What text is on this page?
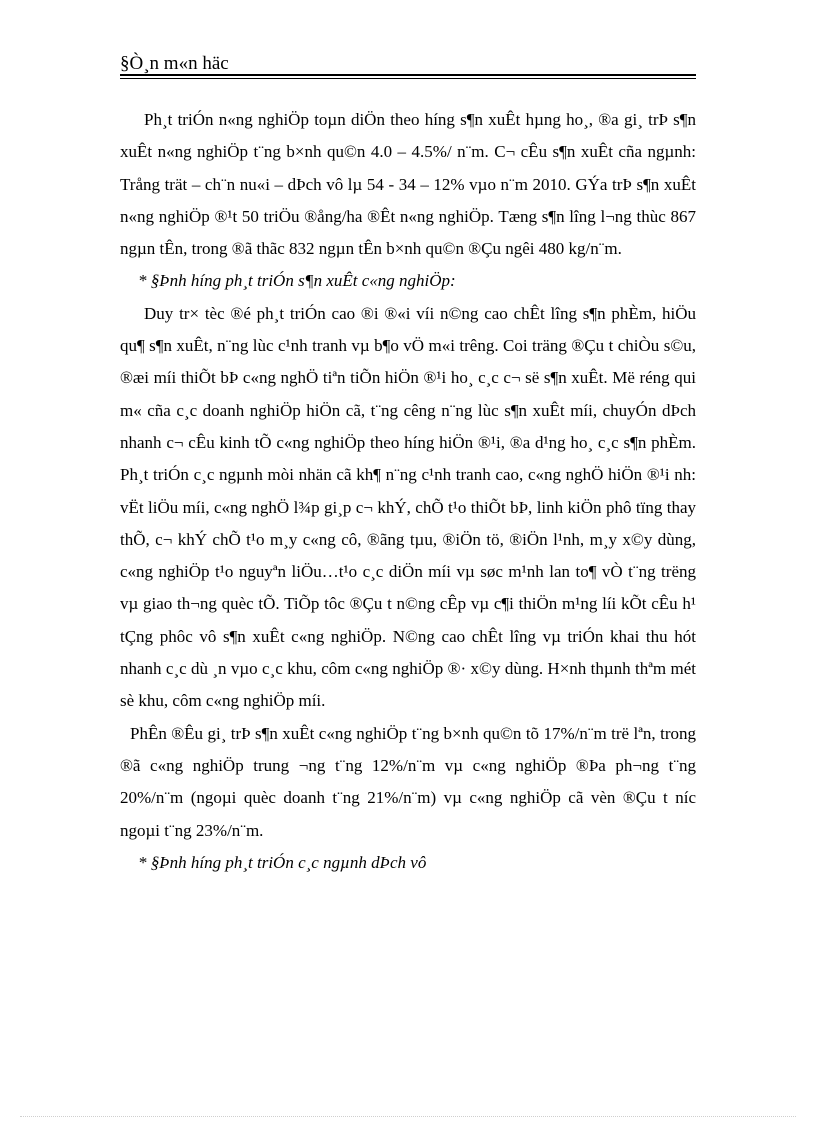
§Ò¸n m«n häc

Ph¸t triÓn n«ng nghiÖp toµn diÖn theo híng s¶n xuÊt hµng ho¸, ®a gi¸ trÞ s¶n xuÊt n«ng nghiÖp t¨ng b×nh qu©n 4.0 – 4.5%/ n¨m. C¬ cÊu s¶n xuÊt cña ngµnh: Trång trät – ch¨n nu«i – dÞch vô lµ 54 - 34 – 12% vµo n¨m 2010. GÝa trÞ s¶n xuÊt n«ng nghiÖp ®¹t 50 triÖu ®ång/ha ®Êt n«ng nghiÖp. Tæng s¶n lîng l¬ng thùc 867 ngµn tÊn, trong ®ã thãc 832 ngµn tÊn b×nh qu©n ®Çu ngêi 480 kg/n¨m.

* §Þnh híng ph¸t triÓn s¶n xuÊt c«ng nghiÖp:

Duy tr× tèc ®é ph¸t triÓn cao ®i ®«i víi n©ng cao chÊt lîng s¶n phÈm, hiÖu qu¶ s¶n xuÊt, n¨ng lùc c¹nh tranh vµ b¶o vÖ m«i trêng. Coi träng ®Çu t chiÒu s©u, ®æi míi thiÕt bÞ c«ng nghÖ tiªn tiÕn hiÖn ®¹i ho¸ c¸c c¬ së s¶n xuÊt. Më réng qui m« cña c¸c doanh nghiÖp hiÖn cã, t¨ng cêng n¨ng lùc s¶n xuÊt míi, chuyÓn dÞch nhanh c¬ cÊu kinh tÕ c«ng nghiÖp theo híng hiÖn ®¹i, ®a d¹ng ho¸ c¸c s¶n phÈm. Ph¸t triÓn c¸c ngµnh mòi nhän cã kh¶ n¨ng c¹nh tranh cao, c«ng nghÖ hiÖn ®¹i nh: vËt liÖu míi, c«ng nghÖ l¾p gi¸p c¬ khÝ, chÕ t¹o thiÕt bÞ, linh kiÖn phô tïng thay thÕ, c¬ khÝ chÕ t¹o m¸y c«ng cô, ®ãng tµu, ®iÖn tö, ®iÖn l¹nh, m¸y x©y dùng, c«ng nghiÖp t¹o nguyªn liÖu…t¹o c¸c diÖn míi vµ søc m¹nh lan to¶ vÒ t¨ng trëng vµ giao th¬ng quèc tÕ. TiÕp tôc ®Çu t n©ng cÊp vµ c¶i thiÖn m¹ng líi kÕt cÊu h¹ tÇng phôc vô s¶n xuÊt c«ng nghiÖp. N©ng cao chÊt lîng vµ triÓn khai thu hót nhanh c¸c dù ¸n vµo c¸c khu, côm c«ng nghiÖp ®· x©y dùng. H×nh thµnh thªm mét sè khu, côm c«ng nghiÖp míi.

PhÊn ®Êu gi¸ trÞ s¶n xuÊt c«ng nghiÖp t¨ng b×nh qu©n tõ 17%/n¨m trë lªn, trong ®ã c«ng nghiÖp trung ¬ng t¨ng 12%/n¨m vµ c«ng nghiÖp ®Þa ph¬ng t¨ng 20%/n¨m (ngoµi quèc doanh t¨ng 21%/n¨m) vµ c«ng nghiÖp cã vèn ®Çu t níc ngoµi t¨ng 23%/n¨m.

* §Þnh híng ph¸t triÓn c¸c ngµnh dÞch vô
